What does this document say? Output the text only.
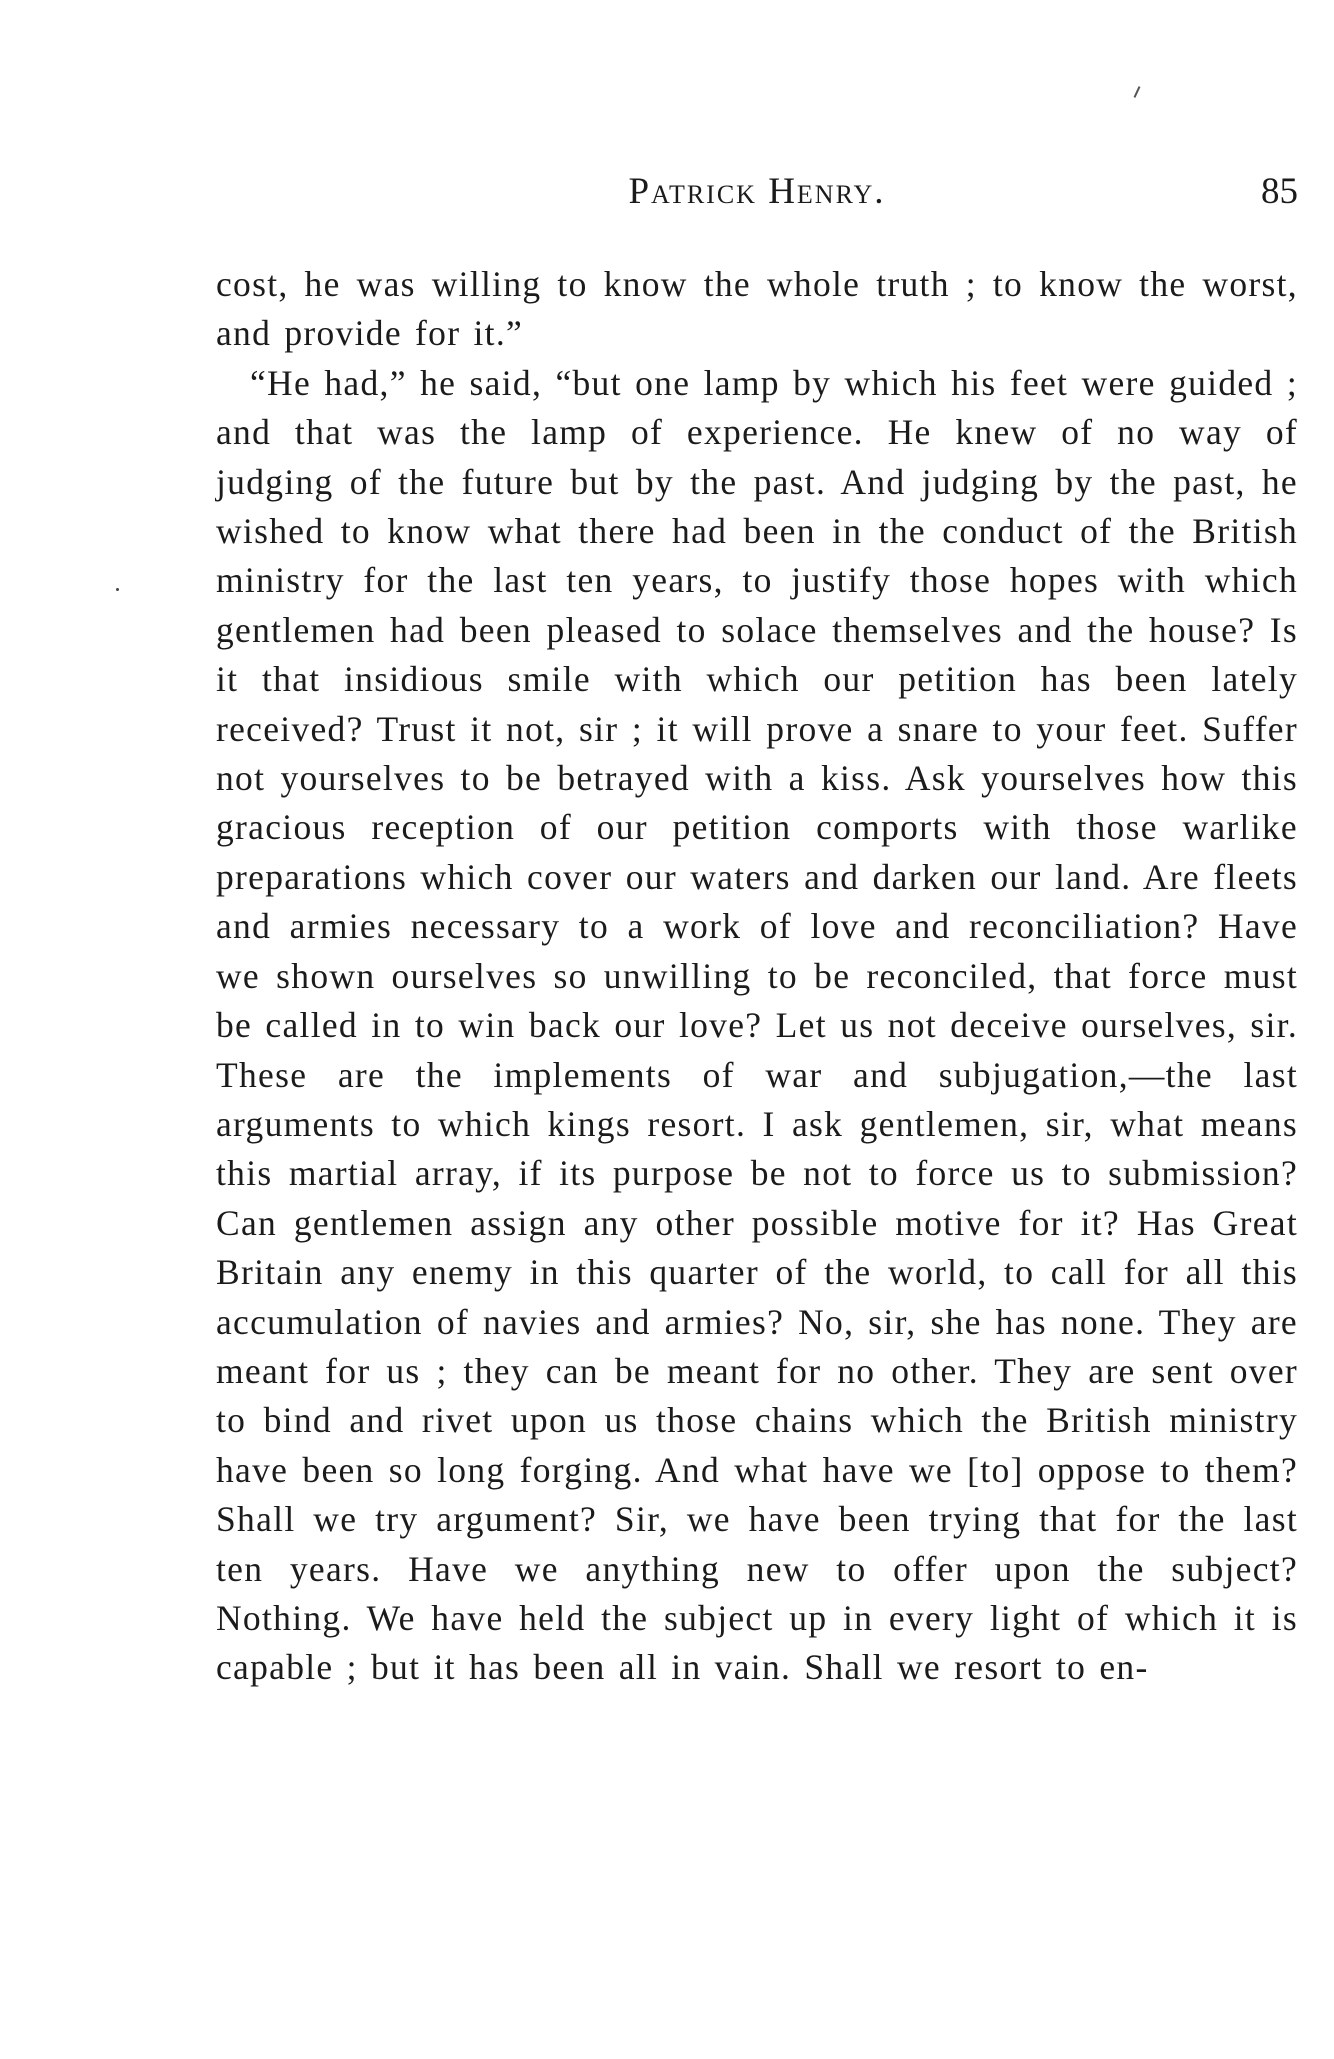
Patrick Henry.	85

cost, he was willing to know the whole truth ; to know the worst, and provide for it.”

“He had,” he said, “but one lamp by which his feet were guided ; and that was the lamp of experience. He knew of no way of judging of the future but by the past. And judging by the past, he wished to know what there had been in the conduct of the British ministry for the last ten years, to justify those hopes with which gentlemen had been pleased to solace themselves and the house? Is it that insidious smile with which our petition has been lately received? Trust it not, sir ; it will prove a snare to your feet. Suffer not yourselves to be betrayed with a kiss. Ask yourselves how this gracious reception of our petition comports with those warlike preparations which cover our waters and darken our land. Are fleets and armies necessary to a work of love and reconciliation? Have we shown ourselves so unwilling to be reconciled, that force must be called in to win back our love? Let us not deceive ourselves, sir. These are the implements of war and subjugation,—the last arguments to which kings resort. I ask gentlemen, sir, what means this martial array, if its purpose be not to force us to submission? Can gentlemen assign any other possible motive for it? Has Great Britain any enemy in this quarter of the world, to call for all this accumulation of navies and armies? No, sir, she has none. They are meant for us ; they can be meant for no other. They are sent over to bind and rivet upon us those chains which the British ministry have been so long forging. And what have we [to] oppose to them? Shall we try argument? Sir, we have been trying that for the last ten years. Have we anything new to offer upon the subject? Nothing. We have held the subject up in every light of which it is capable ; but it has been all in vain. Shall we resort to en-
